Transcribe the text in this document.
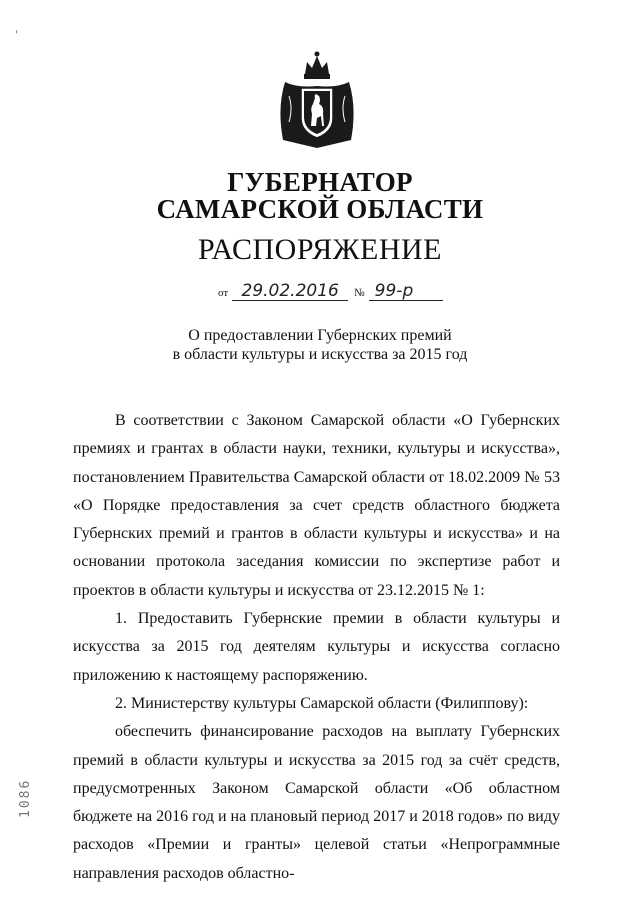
ГУБЕРНАТОР
САМАРСКОЙ ОБЛАСТИ
РАСПОРЯЖЕНИЕ
от 29.02.2016	№ 99-р
О предоставлении Губернских премий
в области культуры и искусства за 2015 год

В соответствии с Законом Самарской области «О Губернских премиях и грантах в области науки, техники, культуры и искусства», постановлением Правительства Самарской области от 18.02.2009 № 53 «О Порядке предоставления за счет средств областного бюджета Губернских премий и грантов в области культуры и искусства» и на основании протокола заседания комиссии по экспертизе работ и проектов в области культуры и искусства от 23.12.2015 № 1:

1. Предоставить Губернские премии в области культуры и искусства за 2015 год деятелям культуры и искусства согласно приложению к настоящему распоряжению.

2. Министерству культуры Самарской области (Филиппову):

обеспечить финансирование расходов на выплату Губернских премий в области культуры и искусства за 2015 год за счёт средств, предусмотренных Законом Самарской области «Об областном бюджете на 2016 год и на плановый период 2017 и 2018 годов» по виду расходов «Премии и гранты» целевой статьи «Непрограммные направления расходов областно-

1086
